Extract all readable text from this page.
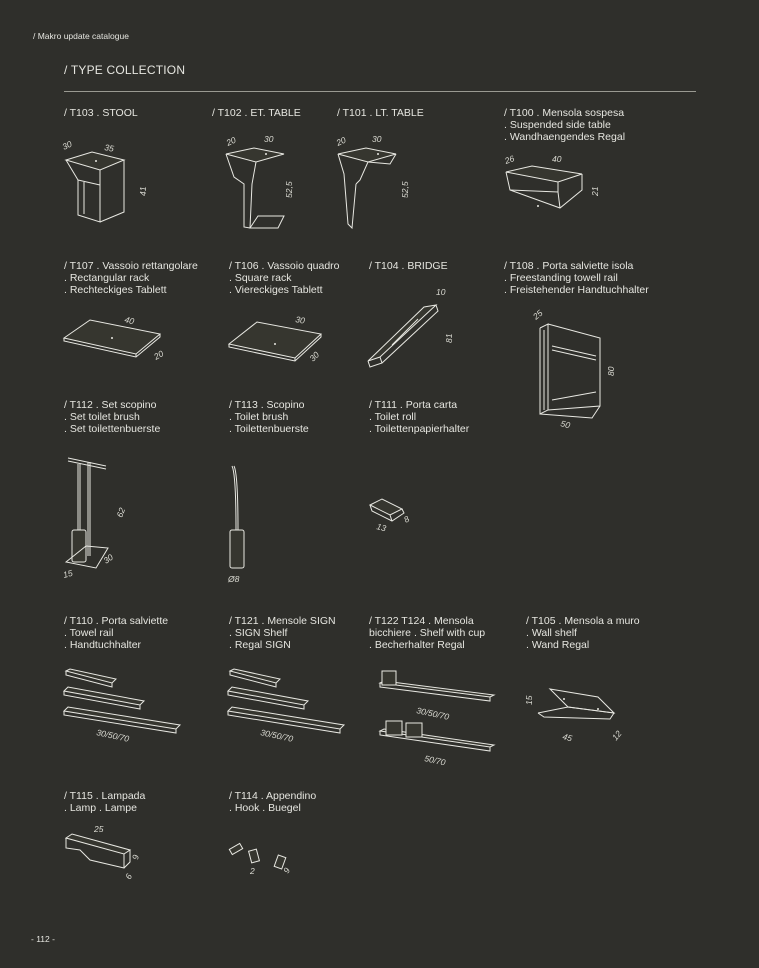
/ Makro update catalogue
/ TYPE COLLECTION
/ T103 . STOOL
30	35
41
/ T102 . ET. TABLE
20	30
52,5
/ T101 . LT. TABLE
20	30
52,5
/ T100 . Mensola sospesa
. Suspended side table
. Wandhaengendes Regal
26	40
21
/ T107 . Vassoio rettangolare
. Rectangular rack
. Rechteckiges Tablett
40
20
/ T106 . Vassoio quadro
. Square rack
. Viereckiges Tablett
30
30
/ T104 . BRIDGE
10
81
/ T108 . Porta salviette isola
. Freestanding towell rail
. Freistehender Handtuchhalter
25
80
50
/ T112 . Set scopino
. Set toilet brush
. Set toilettenbuerste
62
30
15
/ T113 . Scopino
. Toilet brush
. Toilettenbuerste
Ø8
/ T111 . Porta carta
. Toilet roll
. Toilettenpapierhalter
13
8
/ T110 . Porta salviette
. Towel rail
. Handtuchhalter
30/50/70
/ T121 . Mensole SIGN
. SIGN Shelf
. Regal SIGN
30/50/70
/ T122 T124 . Mensola
bicchiere . Shelf with cup
. Becherhalter Regal
30/50/70
50/70
/ T105 . Mensola a muro
. Wall shelf
. Wand Regal
15
45	12
/ T115 . Lampada
. Lamp . Lampe
25
9
6
/ T114 . Appendino
. Hook . Buegel
2	9
- 112 -
